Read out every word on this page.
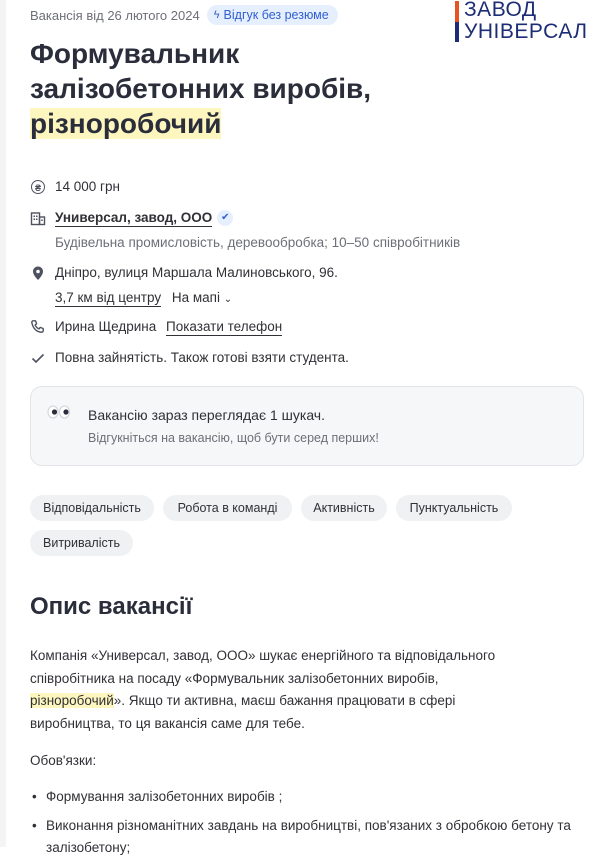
Вакансія від 26 лютого 2024 ϟ Відгук без резюме	ЗАВОД
УНІВЕРСАЛ
Формувальник
залізобетонних виробів,
різноробочий
₴ 14 000 грн
Универсал, завод, ООО ✔
Будівельна промисловість, деревообробка; 10–50 співробітників
Дніпро, вулиця Маршала Малиновського, 96.
3,7 км від центру На мапі ⌄
Ирина Щедрина Показати телефон
Повна зайнятість. Також готові взяти студента.
Вакансію зараз переглядає 1 шукач.
Відгукніться на вакансію, щоб бути серед перших!
Відповідальність	Робота в команді	Активність	Пунктуальність
Витривалість
Опис вакансії
Компанія «Универсал, завод, ООО» шукає енергійного та відповідального
співробітника на посаду «Формувальник залізобетонних виробів,
різноробочий». Якщо ти активна, маєш бажання працювати в сфері
виробництва, то ця вакансія саме для тебе.
Обов'язки:
• Формування залізобетонних виробів ;
• Виконання різноманітних завдань на виробництві, пов'язаних з обробкою бетону та залізобетону;
